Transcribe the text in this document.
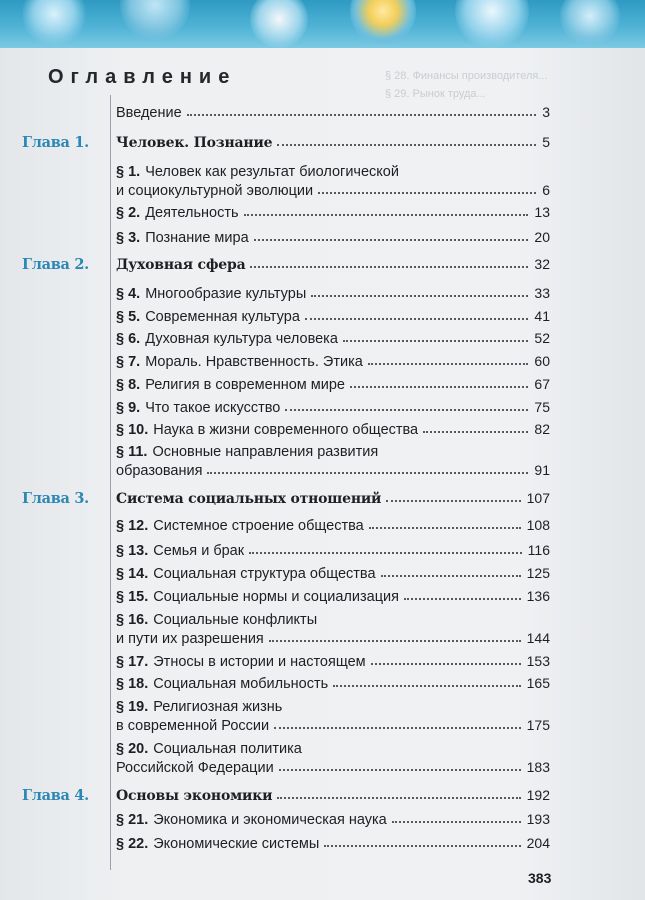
§ 28. Финансы производителя...
§ 29. Рынок труда...
Оглавление
Введение	3
Глава 1. Человек. Познание	5
§ 1. Человек как результат биологической
и социокультурной эволюции	6
§ 2. Деятельность	13
§ 3. Познание мира	20
Глава 2. Духовная сфера	32
§ 4. Многообразие культуры	33
§ 5. Современная культура	41
§ 6. Духовная культура человека	52
§ 7. Мораль. Нравственность. Этика	60
§ 8. Религия в современном мире	67
§ 9. Что такое искусство	75
§ 10. Наука в жизни современного общества	82
§ 11. Основные направления развития
образования	91
Глава 3. Система социальных отношений	107
§ 12. Системное строение общества	108
§ 13. Семья и брак	116
§ 14. Социальная структура общества	125
§ 15. Социальные нормы и социализация	136
§ 16. Социальные конфликты
и пути их разрешения	144
§ 17. Этносы в истории и настоящем	153
§ 18. Социальная мобильность	165
§ 19. Религиозная жизнь
в современной России	175
§ 20. Социальная политика
Российской Федерации	183
Глава 4. Основы экономики	192
§ 21. Экономика и экономическая наука	193
§ 22. Экономические системы	204
383
